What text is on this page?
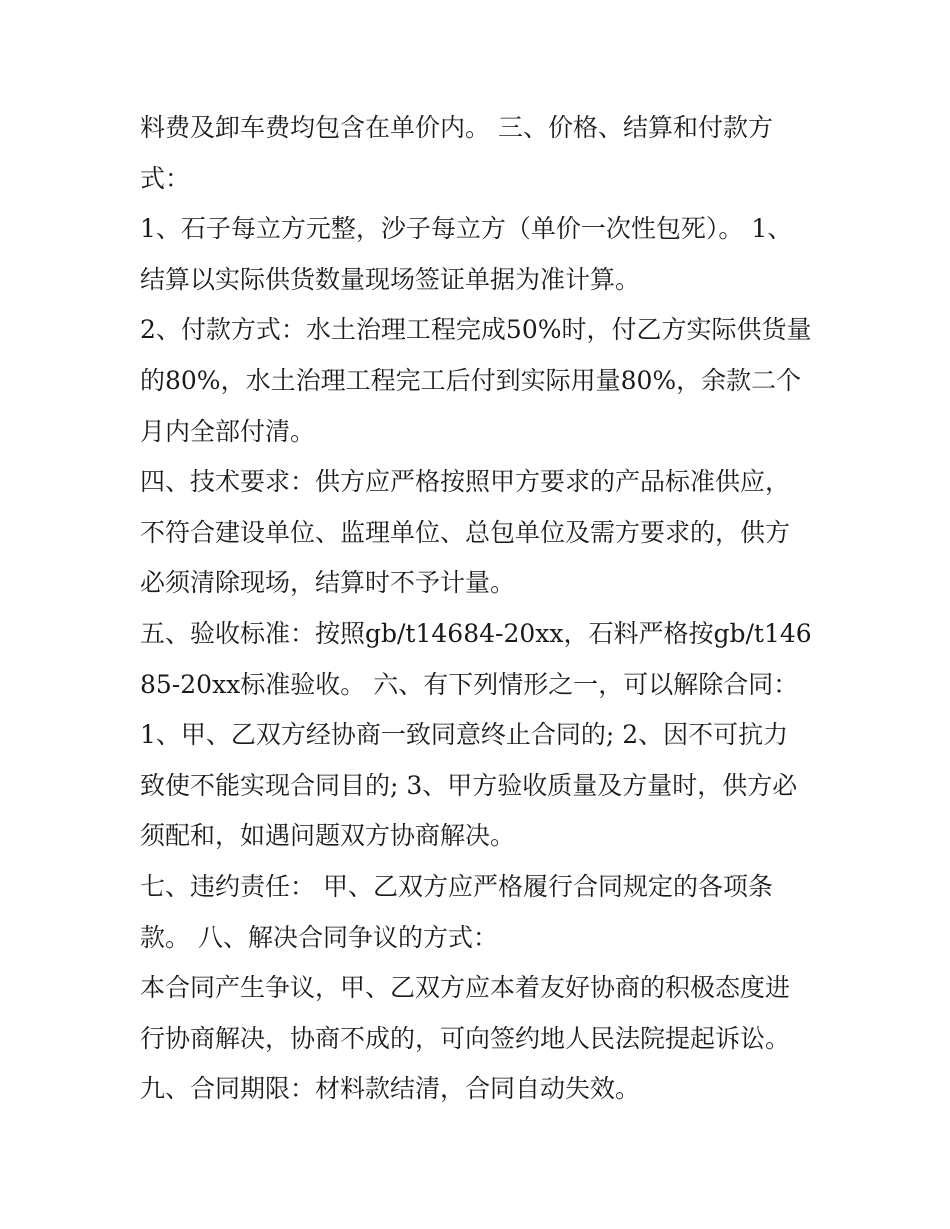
料费及卸车费均包含在单价内。 三、价格、结算和付款方式：

1、石子每立方元整，沙子每立方（单价一次性包死）。 1、结算以实际供货数量现场签证单据为准计算。

2、付款方式：水土治理工程完成50%时，付乙方实际供货量的80%，水土治理工程完工后付到实际用量80%，余款二个月内全部付清。

四、技术要求：供方应严格按照甲方要求的产品标准供应，不符合建设单位、监理单位、总包单位及需方要求的，供方必须清除现场，结算时不予计量。

五、验收标准：按照gb/t14684-20xx，石料严格按gb/t14685-20xx标准验收。 六、有下列情形之一，可以解除合同：

1、甲、乙双方经协商一致同意终止合同的; 2、因不可抗力致使不能实现合同目的; 3、甲方验收质量及方量时，供方必须配和，如遇问题双方协商解决。

七、违约责任： 甲、乙双方应严格履行合同规定的各项条款。 八、解决合同争议的方式：

本合同产生争议，甲、乙双方应本着友好协商的积极态度进行协商解决，协商不成的，可向签约地人民法院提起诉讼。

九、合同期限：材料款结清，合同自动失效。
